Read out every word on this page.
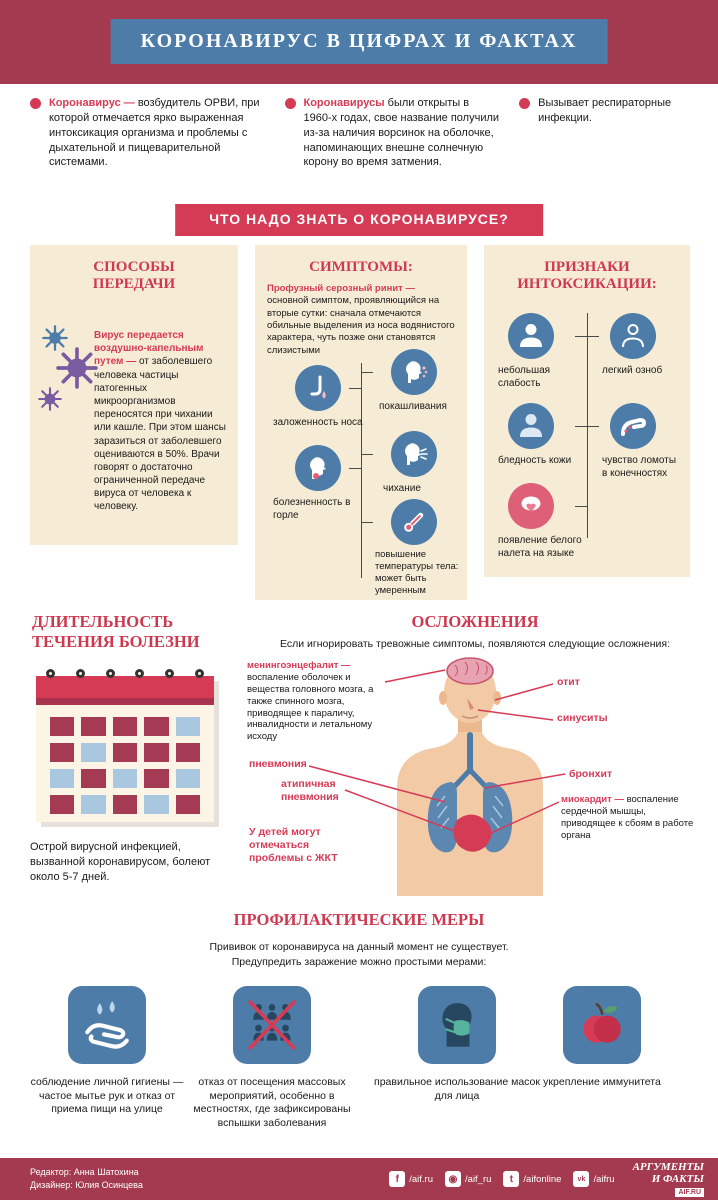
КОРОНАВИРУС В ЦИФРАХ И ФАКТАХ

Коронавирус — возбудитель ОРВИ, при которой отмечается ярко выраженная интоксикация организма и проблемы с дыхательной и пищеварительной системами.

Коронавирусы были открыты в 1960-х годах, свое название получили из-за наличия ворсинок на оболочке, напоминающих внешне солнечную корону во время затмения.

Вызывает респираторные инфекции.

ЧТО НАДО ЗНАТЬ О КОРОНАВИРУСЕ?
СПОСОБЫ
ПЕРЕДАЧИ

Вирус передается воздушно-капельным путем — от заболевшего человека частицы патогенных микроорганизмов переносятся при чихании или кашле. При этом шансы заразиться от заболевшего оцениваются в 50%. Врачи говорят о достаточно ограниченной передаче вируса от человека к человеку.

СИМПТОМЫ:

Профузный серозный ринит — основной симптом, проявляющийся на вторые сутки: сначала отмечаются обильные выделения из носа водянистого характера, чуть позже они становятся слизистыми

заложенность носа
покашливания
болезненность в горле
чихание
повышение температуры тела: может быть умеренным
ПРИЗНАКИ
ИНТОКСИКАЦИИ:
небольшая слабость
легкий озноб
бледность кожи	чувство ломоты в конечностях
появление белого налета на языке
ДЛИТЕЛЬНОСТЬ
ТЕЧЕНИЯ БОЛЕЗНИ

Острой вирусной инфекцией, вызванной коронавирусом, болеют около 5-7 дней.

ОСЛОЖНЕНИЯ

Если игнорировать тревожные симптомы, появляются следующие осложнения:

менингоэнцефалит — воспаление оболочек и вещества головного мозга, а также спинного мозга, приводящее к параличу, инвалидности и летальному исходу
пневмония
атипичная пневмония
У детей могут отмечаться проблемы с ЖКТ
отит
синуситы
бронхит
миокардит — воспаление сердечной мышцы, приводящее к сбоям в работе органа
ПРОФИЛАКТИЧЕСКИЕ МЕРЫ

Прививок от коронавируса на данный момент не существует.
Предупредить заражение можно простыми мерами:

соблюдение личной гигиены — частое мытье рук и отказ от приема пищи на улице
отказ от посещения массовых мероприятий, особенно в местностях, где зафиксированы вспышки заболевания
правильное использование масок для лица
укрепление иммунитета
Редактор: Анна Шатохина
Дизайнер: Юлия Осинцева
f	/aif.ru	◉ /aif_ru	t	/aifonline	vk /aifru
АРГУМЕНТЫ
И ФАКТЫ
AIF.RU
